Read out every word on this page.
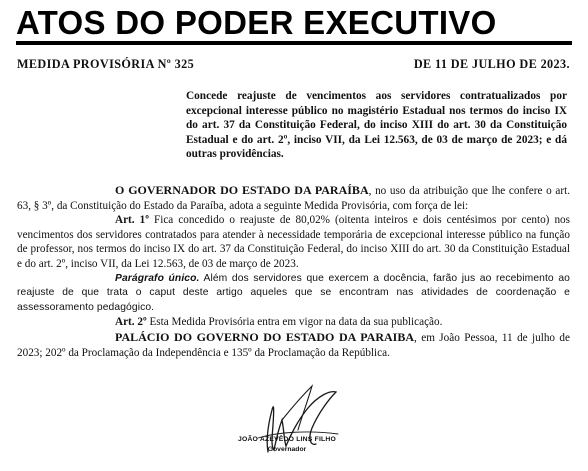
ATOS DO PODER EXECUTIVO
MEDIDA PROVISÓRIA Nº 325	DE 11 DE JULHO DE 2023.
Concede reajuste de vencimentos aos servidores contratualizados por excepcional interesse público no magistério Estadual nos termos do inciso IX do art. 37 da Constituição Federal, do inciso XIII do art. 30 da Constituição Estadual e do art. 2º, inciso VII, da Lei 12.563, de 03 de março de 2023; e dá outras providências.

O GOVERNADOR DO ESTADO DA PARAÍBA, no uso da atribuição que lhe confere o art. 63, § 3º, da Constituição do Estado da Paraíba, adota a seguinte Medida Provisória, com força de lei:

Art. 1º Fica concedido o reajuste de 80,02% (oitenta inteiros e dois centésimos por cento) nos vencimentos dos servidores contratados para atender à necessidade temporária de excepcional interesse público na função de professor, nos termos do inciso IX do art. 37 da Constituição Federal, do inciso XIII do art. 30 da Constituição Estadual e do art. 2º, inciso VII, da Lei 12.563, de 03 de março de 2023.

Parágrafo único. Além dos servidores que exercem a docência, farão jus ao recebimento ao reajuste de que trata o caput deste artigo aqueles que se encontram nas atividades de coordenação e assessoramento pedagógico.

Art. 2º Esta Medida Provisória entra em vigor na data da sua publicação.

PALÁCIO DO GOVERNO DO ESTADO DA PARAIBA, em João Pessoa, 11 de julho de 2023; 202º da Proclamação da Independência e 135º da Proclamação da República.

JOÃO AZEVÊDO LINS FILHO
Governador
